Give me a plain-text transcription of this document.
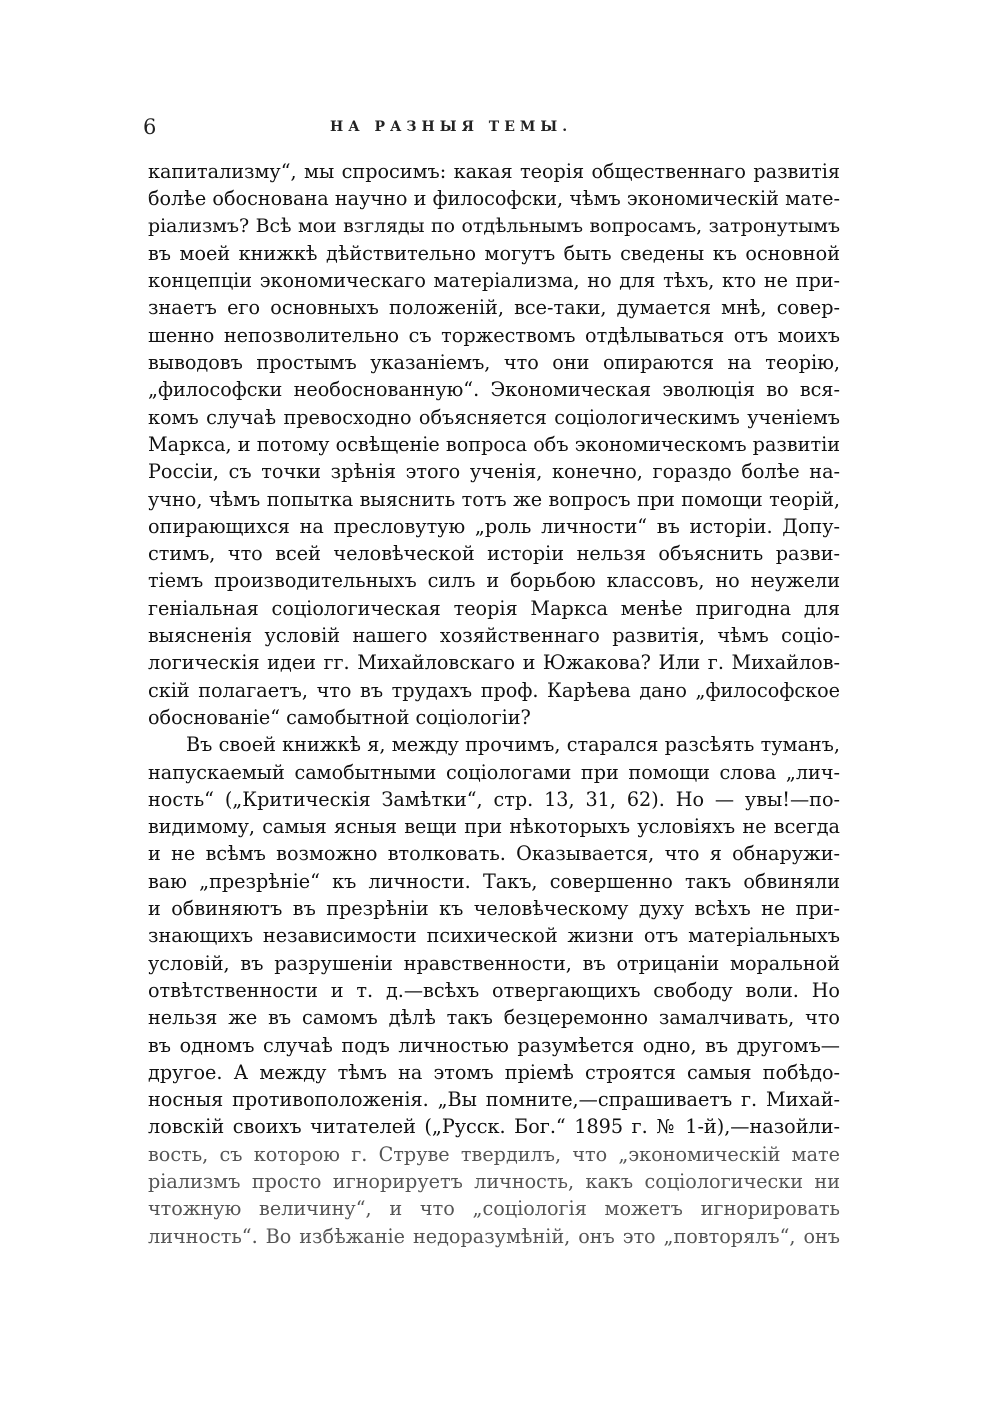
6	НА РАЗНЫЯ ТЕМЫ.
капитализму“, мы спросимъ: какая теорія общественнаго развитія
болѣе обоснована научно и философски, чѣмъ экономическій мате-
ріализмъ? Всѣ мои взгляды по отдѣльнымъ вопросамъ, затронутымъ
въ моей книжкѣ дѣйствительно могутъ быть сведены къ основной
концепціи экономическаго матеріализма, но для тѣхъ, кто не при-
знаетъ его основныхъ положеній, все-таки, думается мнѣ, совер-
шенно непозволительно съ торжествомъ отдѣлываться отъ моихъ
выводовъ простымъ указаніемъ, что они опираются на теорію,
„философски необоснованную“. Экономическая эволюція во вся-
комъ случаѣ превосходно объясняется соціологическимъ ученіемъ
Маркса, и потому освѣщеніе вопроса объ экономическомъ развитіи
Россіи, съ точки зрѣнія этого ученія, конечно, гораздо болѣе на-
учно, чѣмъ попытка выяснить тотъ же вопросъ при помощи теорій,
опирающихся на пресловутую „роль личности“ въ исторіи. Допу-
стимъ, что всей человѣческой исторіи нельзя объяснить разви-
тіемъ производительныхъ силъ и борьбою классовъ, но неужели
геніальная соціологическая теорія Маркса менѣе пригодна для
выясненія условій нашего хозяйственнаго развитія, чѣмъ соціо-
логическія идеи гг. Михайловскаго и Южакова? Или г. Михайлов-
скій полагаетъ, что въ трудахъ проф. Карѣева дано „философское
обоснованіе“ самобытной соціологіи?
Въ своей книжкѣ я, между прочимъ, старался разсѣять туманъ,
напускаемый самобытными соціологами при помощи слова „лич-
ность“ („Критическія Замѣтки“, стр. 13, 31, 62). Но — увы!—по-
видимому, самыя ясныя вещи при нѣкоторыхъ условіяхъ не всегда
и не всѣмъ возможно втолковать. Оказывается, что я обнаружи-
ваю „презрѣніе“ къ личности. Такъ, совершенно такъ обвиняли
и обвиняютъ въ презрѣніи къ человѣческому духу всѣхъ не при-
знающихъ независимости психической жизни отъ матеріальныхъ
условій, въ разрушеніи нравственности, въ отрицаніи моральной
отвѣтственности и т. д.—всѣхъ отвергающихъ свободу воли. Но
нельзя же въ самомъ дѣлѣ такъ безцеремонно замалчивать, что
въ одномъ случаѣ подъ личностью разумѣется одно, въ другомъ—
другое. А между тѣмъ на этомъ пріемѣ строятся самыя побѣдо-
носныя противоположенія. „Вы помните,—спрашиваетъ г. Михай-
ловскій своихъ читателей („Русск. Бог.“ 1895 г. № 1-й),—назойли-
вость, съ которою г. Струве твердилъ, что „экономическій мате
ріализмъ просто игнорируетъ личность, какъ соціологически ни
чтожную величину“, и что „соціологія можетъ игнорировать
личность“. Во избѣжаніе недоразумѣній, онъ это „повторялъ“, онъ
